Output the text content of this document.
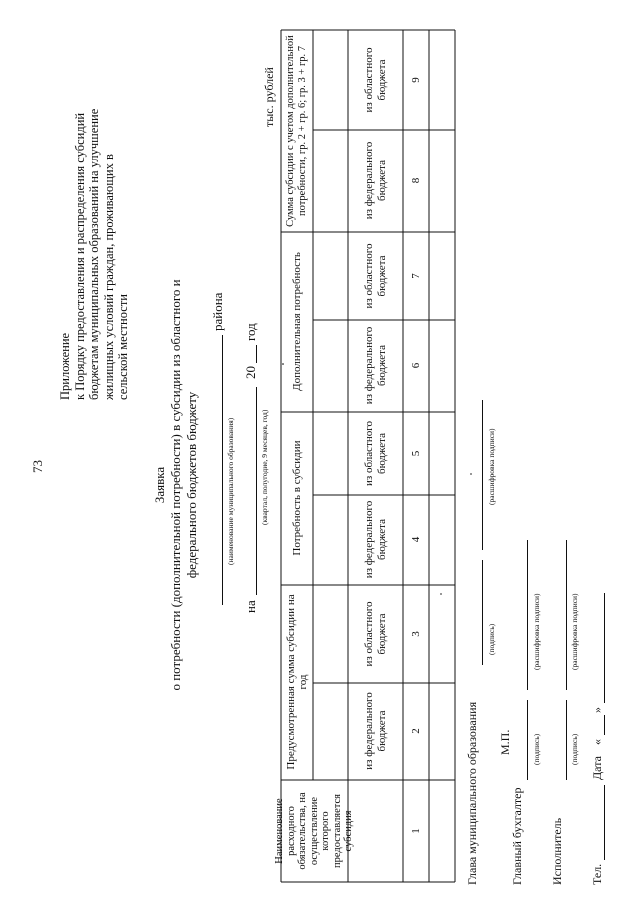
73
Приложение к Порядку предоставления и распределения субсидий бюджетам муниципальных образований на улучшение жилищных условий граждан, проживающих в сельской местности
Заявка о потребности (дополнительной потребности) в субсидии из областного и федерального бюджетов бюджету
района
(наименование муниципального образования)
на
20
год
(квартал, полугодие, 9 месяцев, год)
тыс. рублей
Наименование расходного обязательства, на осуществление которого предоставляется субсидия
Предусмотренная сумма субсидии на год
Потребность в субсидии
Дополнительная потребность
Сумма субсидии с учетом дополнительной потребности, гр. 2 + гр. 6; гр. 3 + гр. 7
из федерального бюджета
из областного бюджета
из федерального бюджета
из областного бюджета
из федерального бюджета
из областного бюджета
из федерального бюджета
из областного бюджета
1
2
3
4
5
6
7
8
9
Глава муниципального образования
(подпись)
(расшифровка подписи)
М.П.
Главный бухгалтер
(подпись)
(расшифровка подписи)
Исполнитель
(подпись)
(расшифровка подписи)
Тел.
Дата
«
»
